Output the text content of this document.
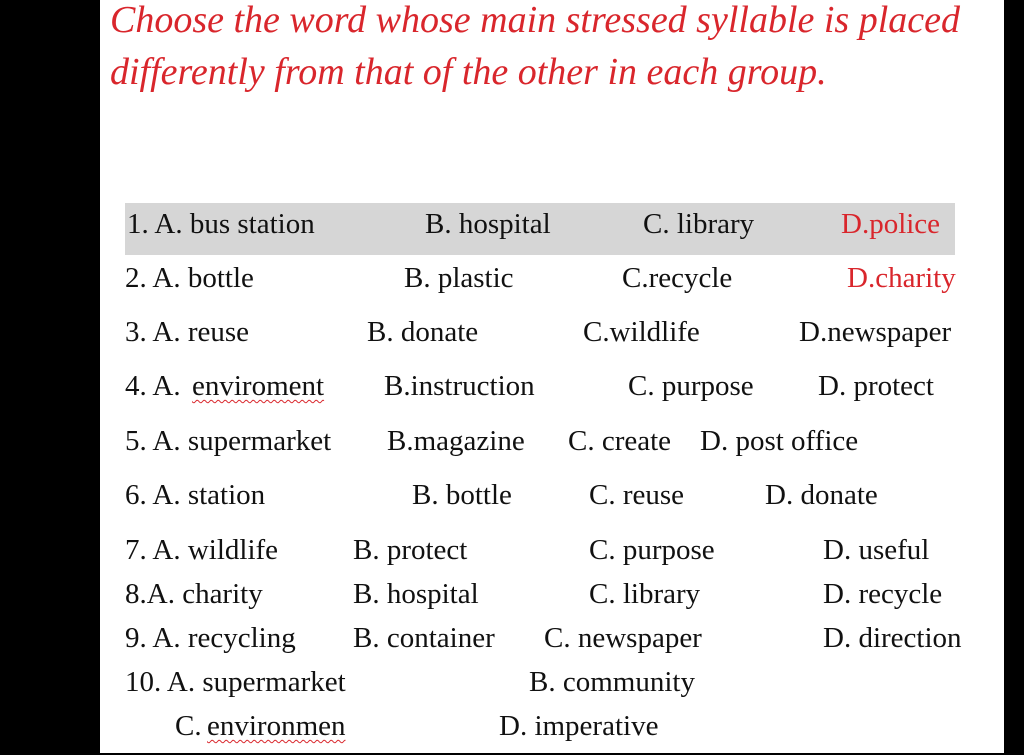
Choose the word whose main stressed syllable is placed differently from that of the other in each group.
1. A. bus station	B. hospital	C. library	D.police
2. A. bottle	B. plastic	C.recycle	D.charity
3. A. reuse	B. donate	C.wildlife	D.newspaper
4. A. enviroment B.instruction	C. purpose D. protect
5. A. supermarket B.magazine C. create D. post office
6. A. station	B. bottle	C. reuse	D. donate
7. A. wildlife	B. protect	C. purpose	D. useful
8.A. charity	B. hospital	C. library	D. recycle
9. A. recycling B. container C. newspaper	D. direction
10. A. supermarket	B. community
C. environmen	D. imperative
